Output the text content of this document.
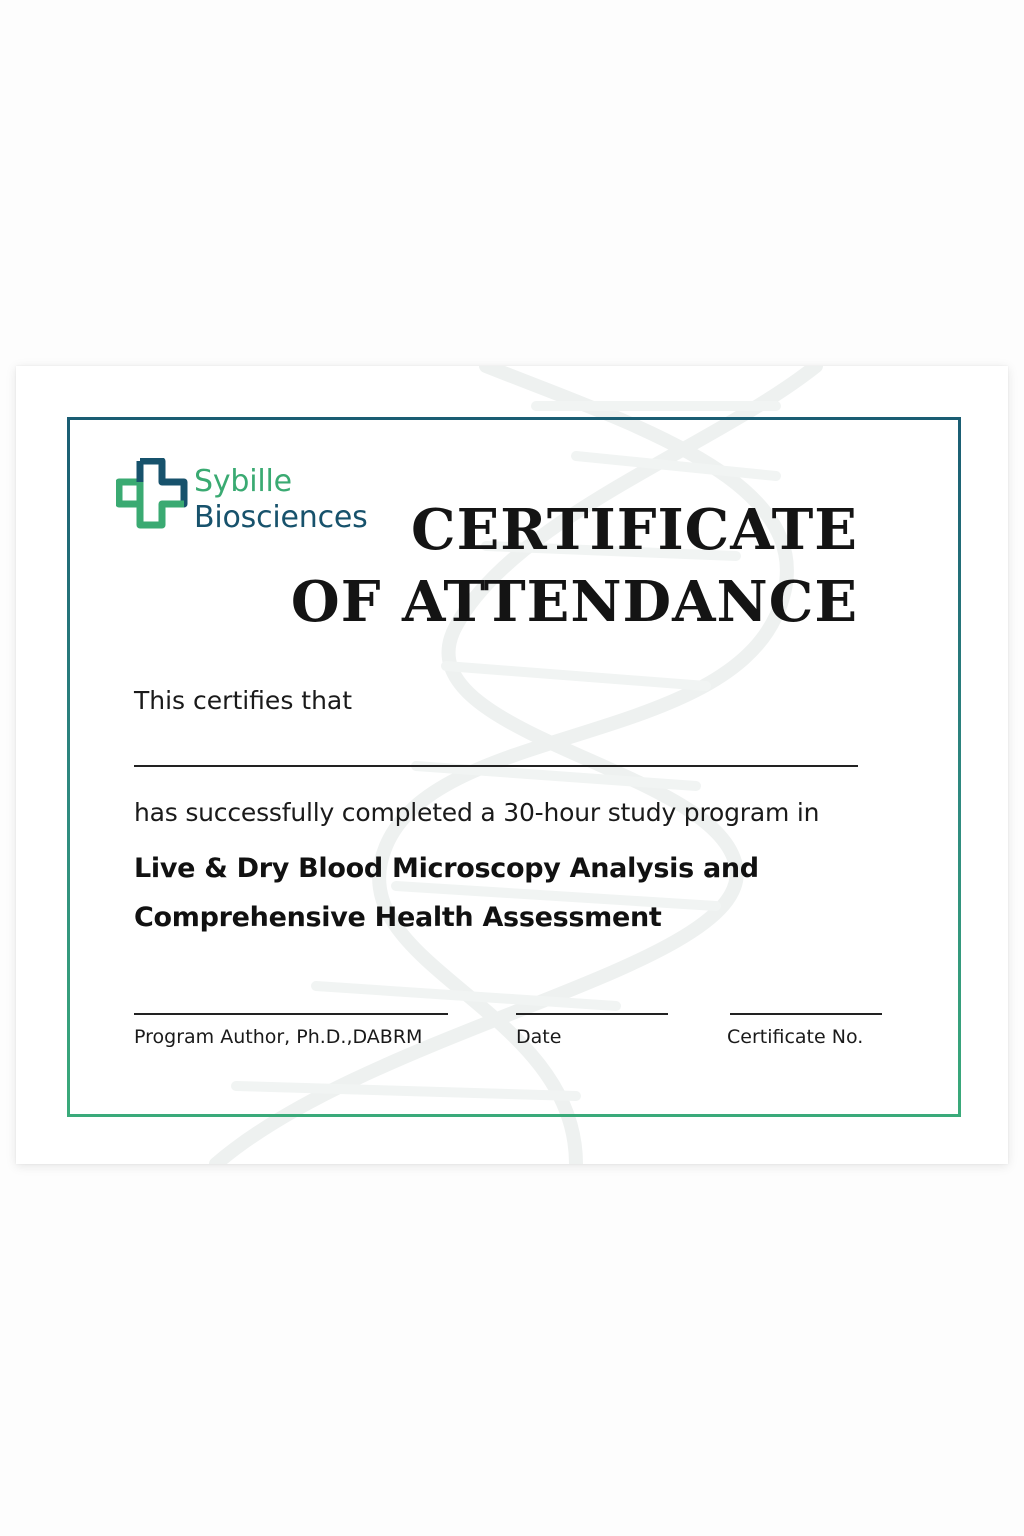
Sybille
Biosciences CERTIFICATE
OF ATTENDANCE
This certifies that
has successfully completed a 30-hour study program in
Live & Dry Blood Microscopy Analysis and
Comprehensive Health Assessment
Program Author, Ph.D.,DABRM	Date	Certificate No.
